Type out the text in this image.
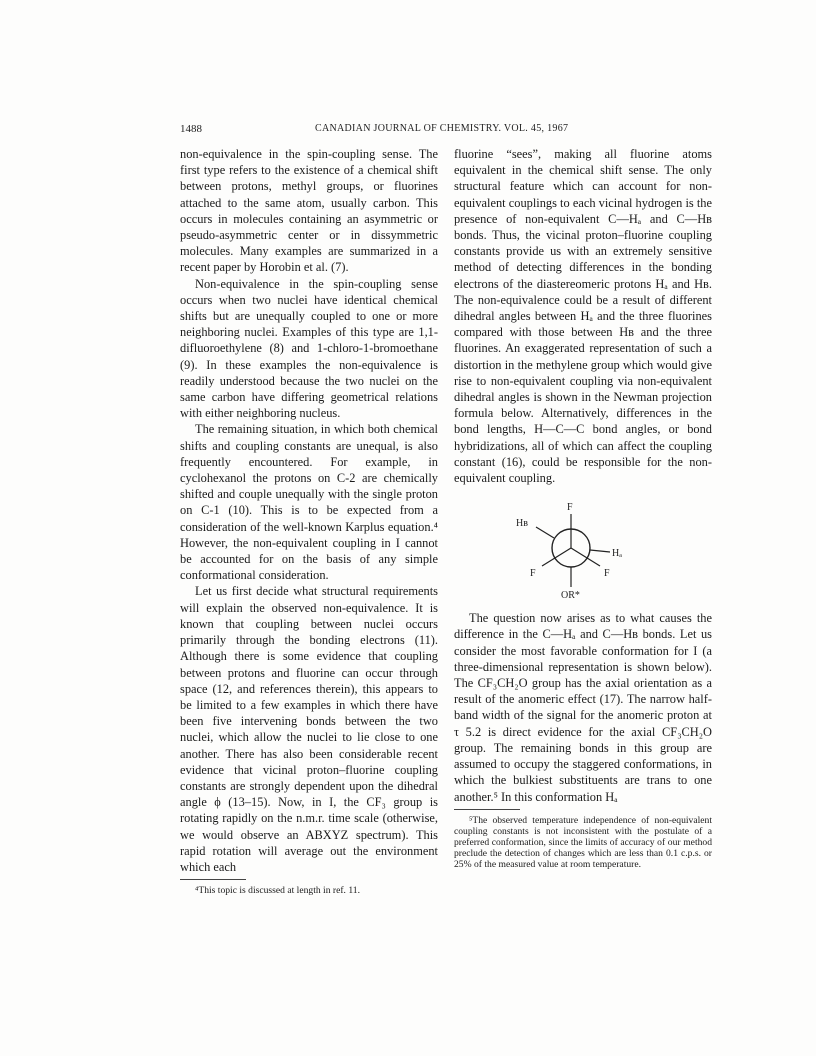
1488	CANADIAN JOURNAL OF CHEMISTRY. VOL. 45, 1967

non-equivalence in the spin-coupling sense. The first type refers to the existence of a chemical shift between protons, methyl groups, or fluorines attached to the same atom, usually carbon. This occurs in molecules containing an asymmetric or pseudo-asymmetric center or in dissymmetric molecules. Many examples are summarized in a recent paper by Horobin et al. (7).

Non-equivalence in the spin-coupling sense occurs when two nuclei have identical chemical shifts but are unequally coupled to one or more neighboring nuclei. Examples of this type are 1,1-difluoroethylene (8) and 1-chloro-1-bromoethane (9). In these examples the non-equivalence is readily understood because the two nuclei on the same carbon have differing geometrical relations with either neighboring nucleus.

The remaining situation, in which both chemical shifts and coupling constants are unequal, is also frequently encountered. For example, in cyclohexanol the protons on C-2 are chemically shifted and couple unequally with the single proton on C-1 (10). This is to be expected from a consideration of the well-known Karplus equation.⁴ However, the non-equivalent coupling in I cannot be accounted for on the basis of any simple conformational consideration.

Let us first decide what structural requirements will explain the observed non-equivalence. It is known that coupling between nuclei occurs primarily through the bonding electrons (11). Although there is some evidence that coupling between protons and fluorine can occur through space (12, and references therein), this appears to be limited to a few examples in which there have been five intervening bonds between the two nuclei, which allow the nuclei to lie close to one another. There has also been considerable recent evidence that vicinal proton–fluorine coupling constants are strongly dependent upon the dihedral angle ϕ (13–15). Now, in I, the CF₃ group is rotating rapidly on the n.m.r. time scale (otherwise, we would observe an ABXYZ spectrum). This rapid rotation will average out the environment which each

⁴This topic is discussed at length in ref. 11.

fluorine “sees”, making all fluorine atoms equivalent in the chemical shift sense. The only structural feature which can account for non-equivalent couplings to each vicinal hydrogen is the presence of non-equivalent C—Hₐ and C—Hʙ bonds. Thus, the vicinal proton–fluorine coupling constants provide us with an extremely sensitive method of detecting differences in the bonding electrons of the diastereomeric protons Hₐ and Hʙ. The non-equivalence could be a result of different dihedral angles between Hₐ and the three fluorines compared with those between Hʙ and the three fluorines. An exaggerated representation of such a distortion in the methylene group which would give rise to non-equivalent coupling via non-equivalent dihedral angles is shown in the Newman projection formula below. Alternatively, differences in the bond lengths, H—C—C bond angles, or bond hybridizations, all of which can affect the coupling constant (16), could be responsible for the non-equivalent coupling.

F
Hʙ
Hₐ
F	F
OR*

The question now arises as to what causes the difference in the C—Hₐ and C—Hʙ bonds. Let us consider the most favorable conformation for I (a three-dimensional representation is shown below). The CF₃CH₂O group has the axial orientation as a result of the anomeric effect (17). The narrow half-band width of the signal for the anomeric proton at τ 5.2 is direct evidence for the axial CF₃CH₂O group. The remaining bonds in this group are assumed to occupy the staggered conformations, in which the bulkiest substituents are trans to one another.⁵ In this conformation Hₐ

⁵The observed temperature independence of non-equivalent coupling constants is not inconsistent with the postulate of a preferred conformation, since the limits of accuracy of our method preclude the detection of changes which are less than 0.1 c.p.s. or 25% of the measured value at room temperature.
